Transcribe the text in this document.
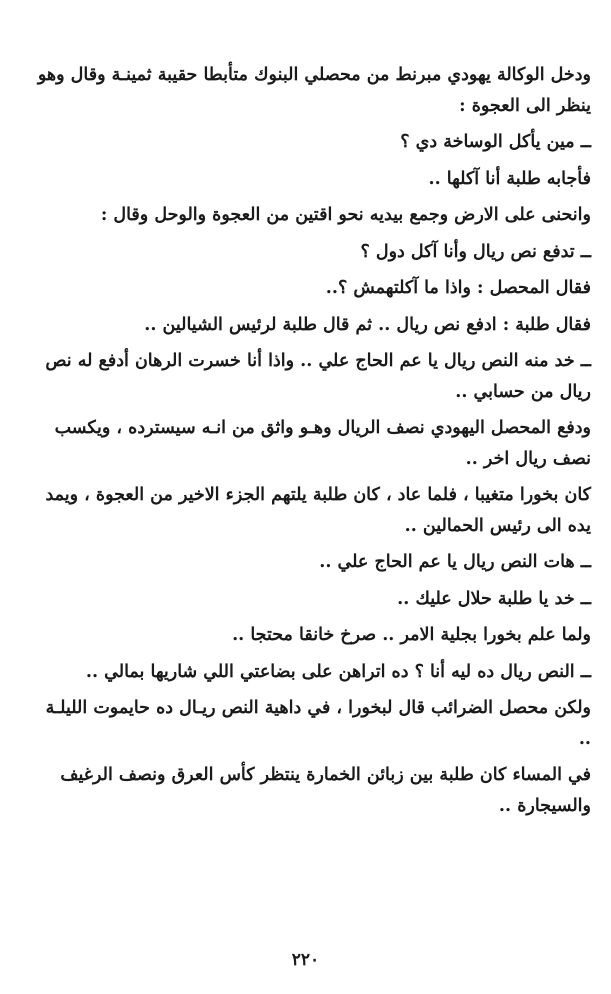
ودخل الوكالة يهودي مبرنط من محصلي البنوك متأبطا حقيبة ثمينـة وقال وهو ينظر الى العجوة :

ــ مين يأكل الوساخة دي ؟

فأجابه طلبة أنا آكلها ..

وانحنى على الارض وجمع بيديه نحو اقتين من العجوة والوحل وقال :

ــ تدفع نص ريال وأنا آكل دول ؟

فقال المحصل : واذا ما آكلتهمش ؟..

فقال طلبة : ادفع نص ريال .. ثم قال طلبة لرئيس الشيالين ..

ــ خد منه النص ريال يا عم الحاج علي .. واذا أنا خسرت الرهان أدفع له نص ريال من حسابي ..

ودفع المحصل اليهودي نصف الريال وهـو واثق من انـه سيسترده ، ويكسب نصف ريال اخر ..

كان بخورا متغيبا ، فلما عاد ، كان طلبة يلتهم الجزء الاخير من العجوة ، ويمد يده الى رئيس الحمالين ..

ــ هات النص ريال يا عم الحاج علي ..

ــ خد يا طلبة حلال عليك ..

ولما علم بخورا بجلية الامر .. صرخ خانقا محتجا ..

ــ النص ريال ده ليه أنا ؟ ده اتراهن على بضاعتي اللي شاريها بمالي ..

ولكن محصل الضرائب قال لبخورا ، في داهية النص ريـال ده حايموت الليلـة ..

في المساء كان طلبة بين زبائن الخمارة ينتظر كأس العرق ونصف الرغيف والسيجارة ..

٢٢٠
